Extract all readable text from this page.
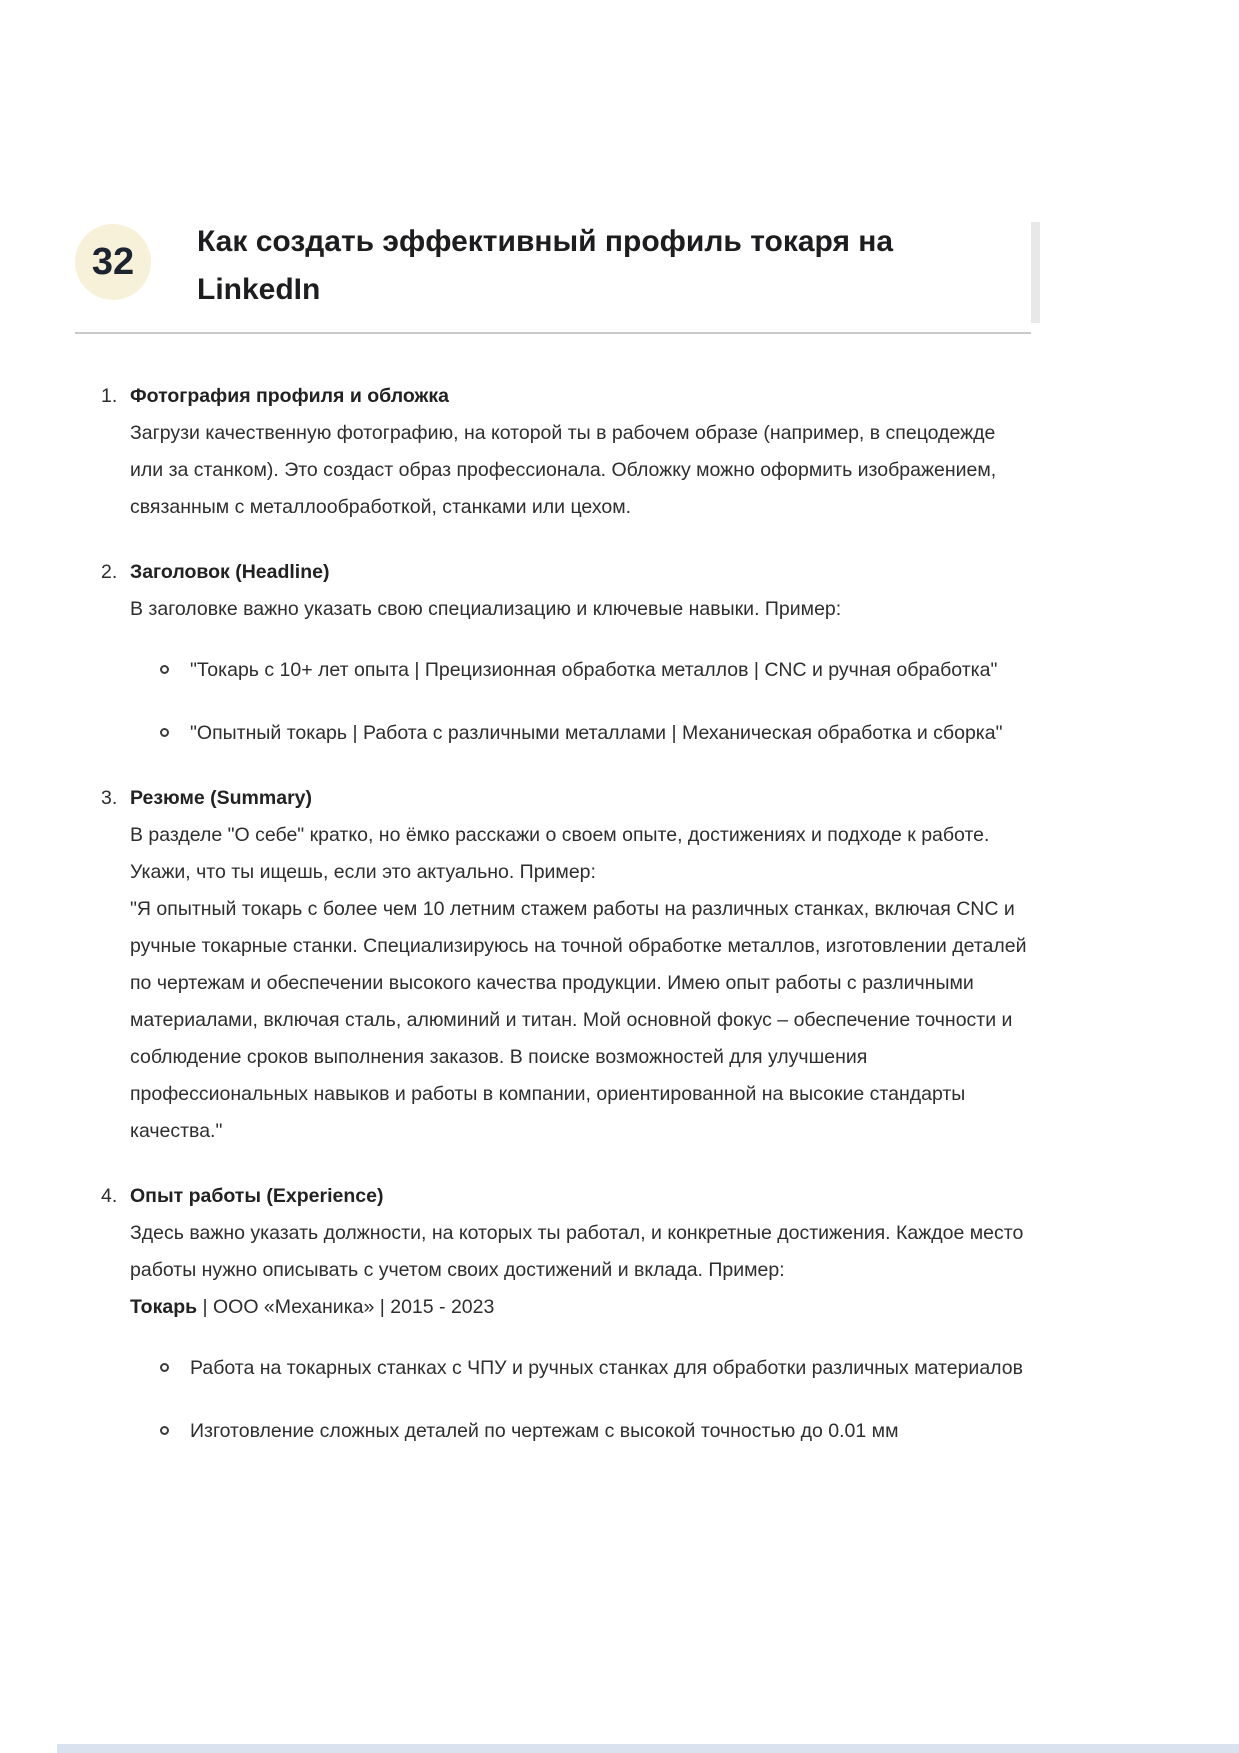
32 Как создать эффективный профиль токаря на LinkedIn
1. Фотография профиля и обложка

Загрузи качественную фотографию, на которой ты в рабочем образе (например, в спецодежде или за станком). Это создаст образ профессионала. Обложку можно оформить изображением, связанным с металлообработкой, станками или цехом.

2. Заголовок (Headline)

В заголовке важно указать свою специализацию и ключевые навыки. Пример:

"Токарь с 10+ лет опыта | Прецизионная обработка металлов | CNC и ручная обработка"
"Опытный токарь | Работа с различными металлами | Механическая обработка и сборка"
3. Резюме (Summary)

В разделе "О себе" кратко, но ёмко расскажи о своем опыте, достижениях и подходе к работе. Укажи, что ты ищешь, если это актуально. Пример:

"Я опытный токарь с более чем 10 летним стажем работы на различных станках, включая CNC и ручные токарные станки. Специализируюсь на точной обработке металлов, изготовлении деталей по чертежам и обеспечении высокого качества продукции. Имею опыт работы с различными материалами, включая сталь, алюминий и титан. Мой основной фокус – обеспечение точности и соблюдение сроков выполнения заказов. В поиске возможностей для улучшения профессиональных навыков и работы в компании, ориентированной на высокие стандарты качества."

4. Опыт работы (Experience)

Здесь важно указать должности, на которых ты работал, и конкретные достижения. Каждое место работы нужно описывать с учетом своих достижений и вклада. Пример:

Токарь | ООО «Механика» | 2015 - 2023

Работа на токарных станках с ЧПУ и ручных станках для обработки различных материалов
Изготовление сложных деталей по чертежам с высокой точностью до 0.01 мм
